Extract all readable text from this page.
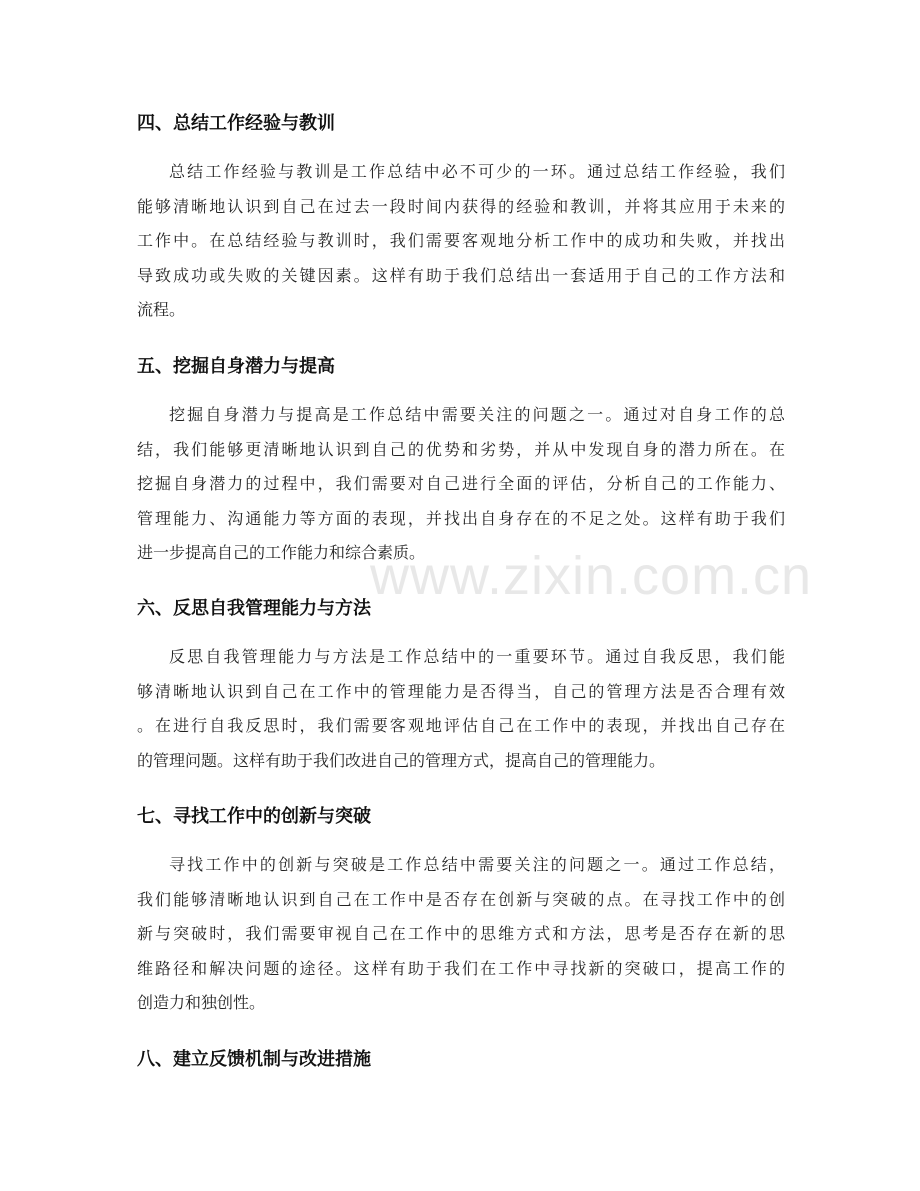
四、总结工作经验与教训
总结工作经验与教训是工作总结中必不可少的一环。通过总结工作经验，我们
能够清晰地认识到自己在过去一段时间内获得的经验和教训，并将其应用于未来的
工作中。在总结经验与教训时，我们需要客观地分析工作中的成功和失败，并找出
导致成功或失败的关键因素。这样有助于我们总结出一套适用于自己的工作方法和
流程。
五、挖掘自身潜力与提高
挖掘自身潜力与提高是工作总结中需要关注的问题之一。通过对自身工作的总
结，我们能够更清晰地认识到自己的优势和劣势，并从中发现自身的潜力所在。在
挖掘自身潜力的过程中，我们需要对自己进行全面的评估，分析自己的工作能力、
管理能力、沟通能力等方面的表现，并找出自身存在的不足之处。这样有助于我们
进一步提高自己的工作能力和综合素质。
六、反思自我管理能力与方法
反思自我管理能力与方法是工作总结中的一重要环节。通过自我反思，我们能
够清晰地认识到自己在工作中的管理能力是否得当，自己的管理方法是否合理有效
。在进行自我反思时，我们需要客观地评估自己在工作中的表现，并找出自己存在
的管理问题。这样有助于我们改进自己的管理方式，提高自己的管理能力。
七、寻找工作中的创新与突破
寻找工作中的创新与突破是工作总结中需要关注的问题之一。通过工作总结，
我们能够清晰地认识到自己在工作中是否存在创新与突破的点。在寻找工作中的创
新与突破时，我们需要审视自己在工作中的思维方式和方法，思考是否存在新的思
维路径和解决问题的途径。这样有助于我们在工作中寻找新的突破口，提高工作的
创造力和独创性。
八、建立反馈机制与改进措施
www.zixin.com.cn
